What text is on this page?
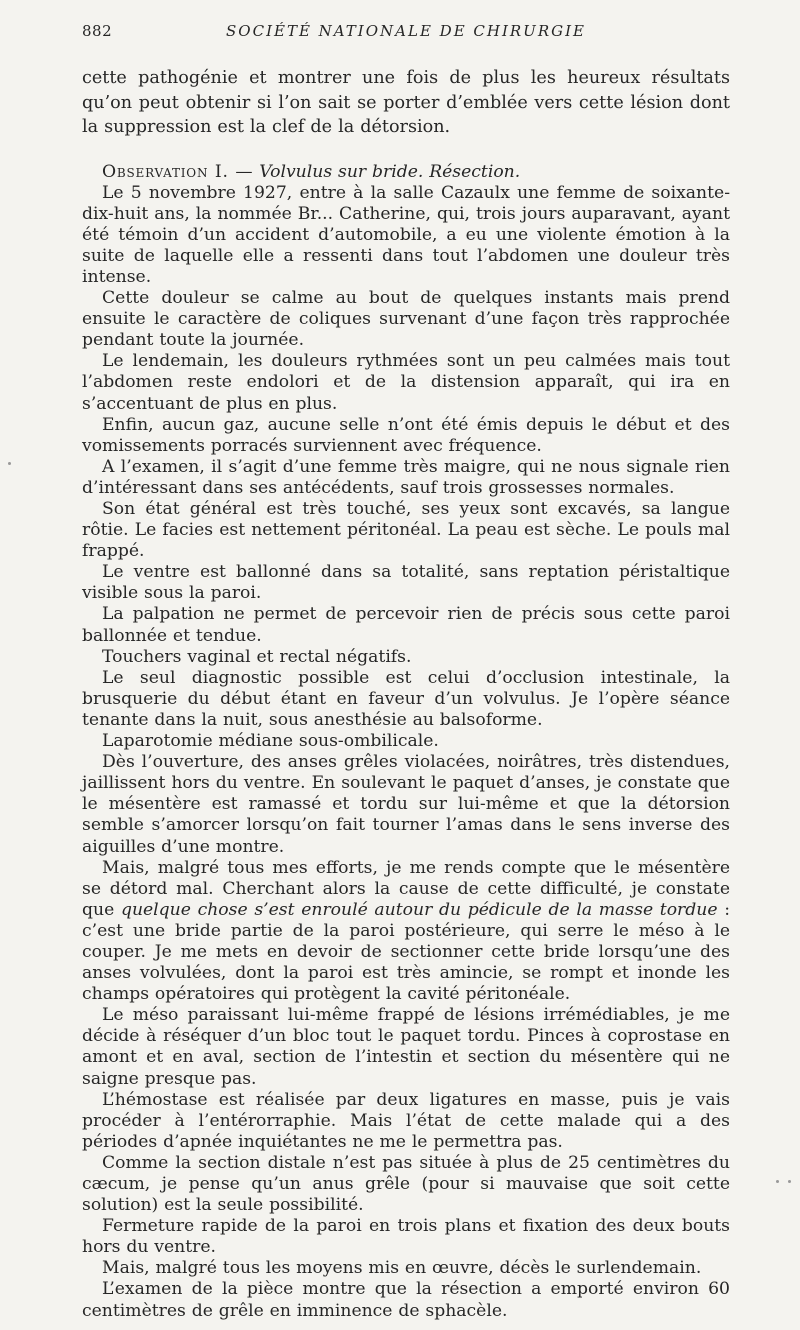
882	SOCIÉTÉ NATIONALE DE CHIRURGIE

cette pathogénie et montrer une fois de plus les heureux résultats qu’on peut obtenir si l’on sait se porter d’emblée vers cette lésion dont la suppression est la clef de la détorsion.

Observation I. — Volvulus sur bride. Résection.

Le 5 novembre 1927, entre à la salle Cazaulx une femme de soixante-dix-huit ans, la nommée Br... Catherine, qui, trois jours auparavant, ayant été témoin d’un accident d’automobile, a eu une violente émotion à la suite de laquelle elle a ressenti dans tout l’abdomen une douleur très intense.

Cette douleur se calme au bout de quelques instants mais prend ensuite le caractère de coliques survenant d’une façon très rapprochée pendant toute la journée.

Le lendemain, les douleurs rythmées sont un peu calmées mais tout l’abdomen reste endolori et de la distension apparaît, qui ira en s’accentuant de plus en plus.

Enfin, aucun gaz, aucune selle n’ont été émis depuis le début et des vomissements porracés surviennent avec fréquence.

A l’examen, il s’agit d’une femme très maigre, qui ne nous signale rien d’intéressant dans ses antécédents, sauf trois grossesses normales.

Son état général est très touché, ses yeux sont excavés, sa langue rôtie. Le facies est nettement péritonéal. La peau est sèche. Le pouls mal frappé.

Le ventre est ballonné dans sa totalité, sans reptation péristaltique visible sous la paroi.

La palpation ne permet de percevoir rien de précis sous cette paroi ballonnée et tendue.

Touchers vaginal et rectal négatifs.

Le seul diagnostic possible est celui d’occlusion intestinale, la brusquerie du début étant en faveur d’un volvulus. Je l’opère séance tenante dans la nuit, sous anesthésie au balsoforme.

Laparotomie médiane sous-ombilicale.

Dès l’ouverture, des anses grêles violacées, noirâtres, très distendues, jaillissent hors du ventre. En soulevant le paquet d’anses, je constate que le mésentère est ramassé et tordu sur lui-même et que la détorsion semble s’amorcer lorsqu’on fait tourner l’amas dans le sens inverse des aiguilles d’une montre.

Mais, malgré tous mes efforts, je me rends compte que le mésentère se détord mal. Cherchant alors la cause de cette difficulté, je constate que quelque chose s’est enroulé autour du pédicule de la masse tordue : c’est une bride partie de la paroi postérieure, qui serre le méso à le couper. Je me mets en devoir de sectionner cette bride lorsqu’une des anses volvulées, dont la paroi est très amincie, se rompt et inonde les champs opératoires qui protègent la cavité péritonéale.

Le méso paraissant lui-même frappé de lésions irrémédiables, je me décide à réséquer d’un bloc tout le paquet tordu. Pinces à coprostase en amont et en aval, section de l’intestin et section du mésentère qui ne saigne presque pas.

L’hémostase est réalisée par deux ligatures en masse, puis je vais procéder à l’entérorraphie. Mais l’état de cette malade qui a des périodes d’apnée inquiétantes ne me le permettra pas.

Comme la section distale n’est pas située à plus de 25 centimètres du cæcum, je pense qu’un anus grêle (pour si mauvaise que soit cette solution) est la seule possibilité.

Fermeture rapide de la paroi en trois plans et fixation des deux bouts hors du ventre.

Mais, malgré tous les moyens mis en œuvre, décès le surlendemain.

L’examen de la pièce montre que la résection a emporté environ 60 centimètres de grêle en imminence de sphacèle.
